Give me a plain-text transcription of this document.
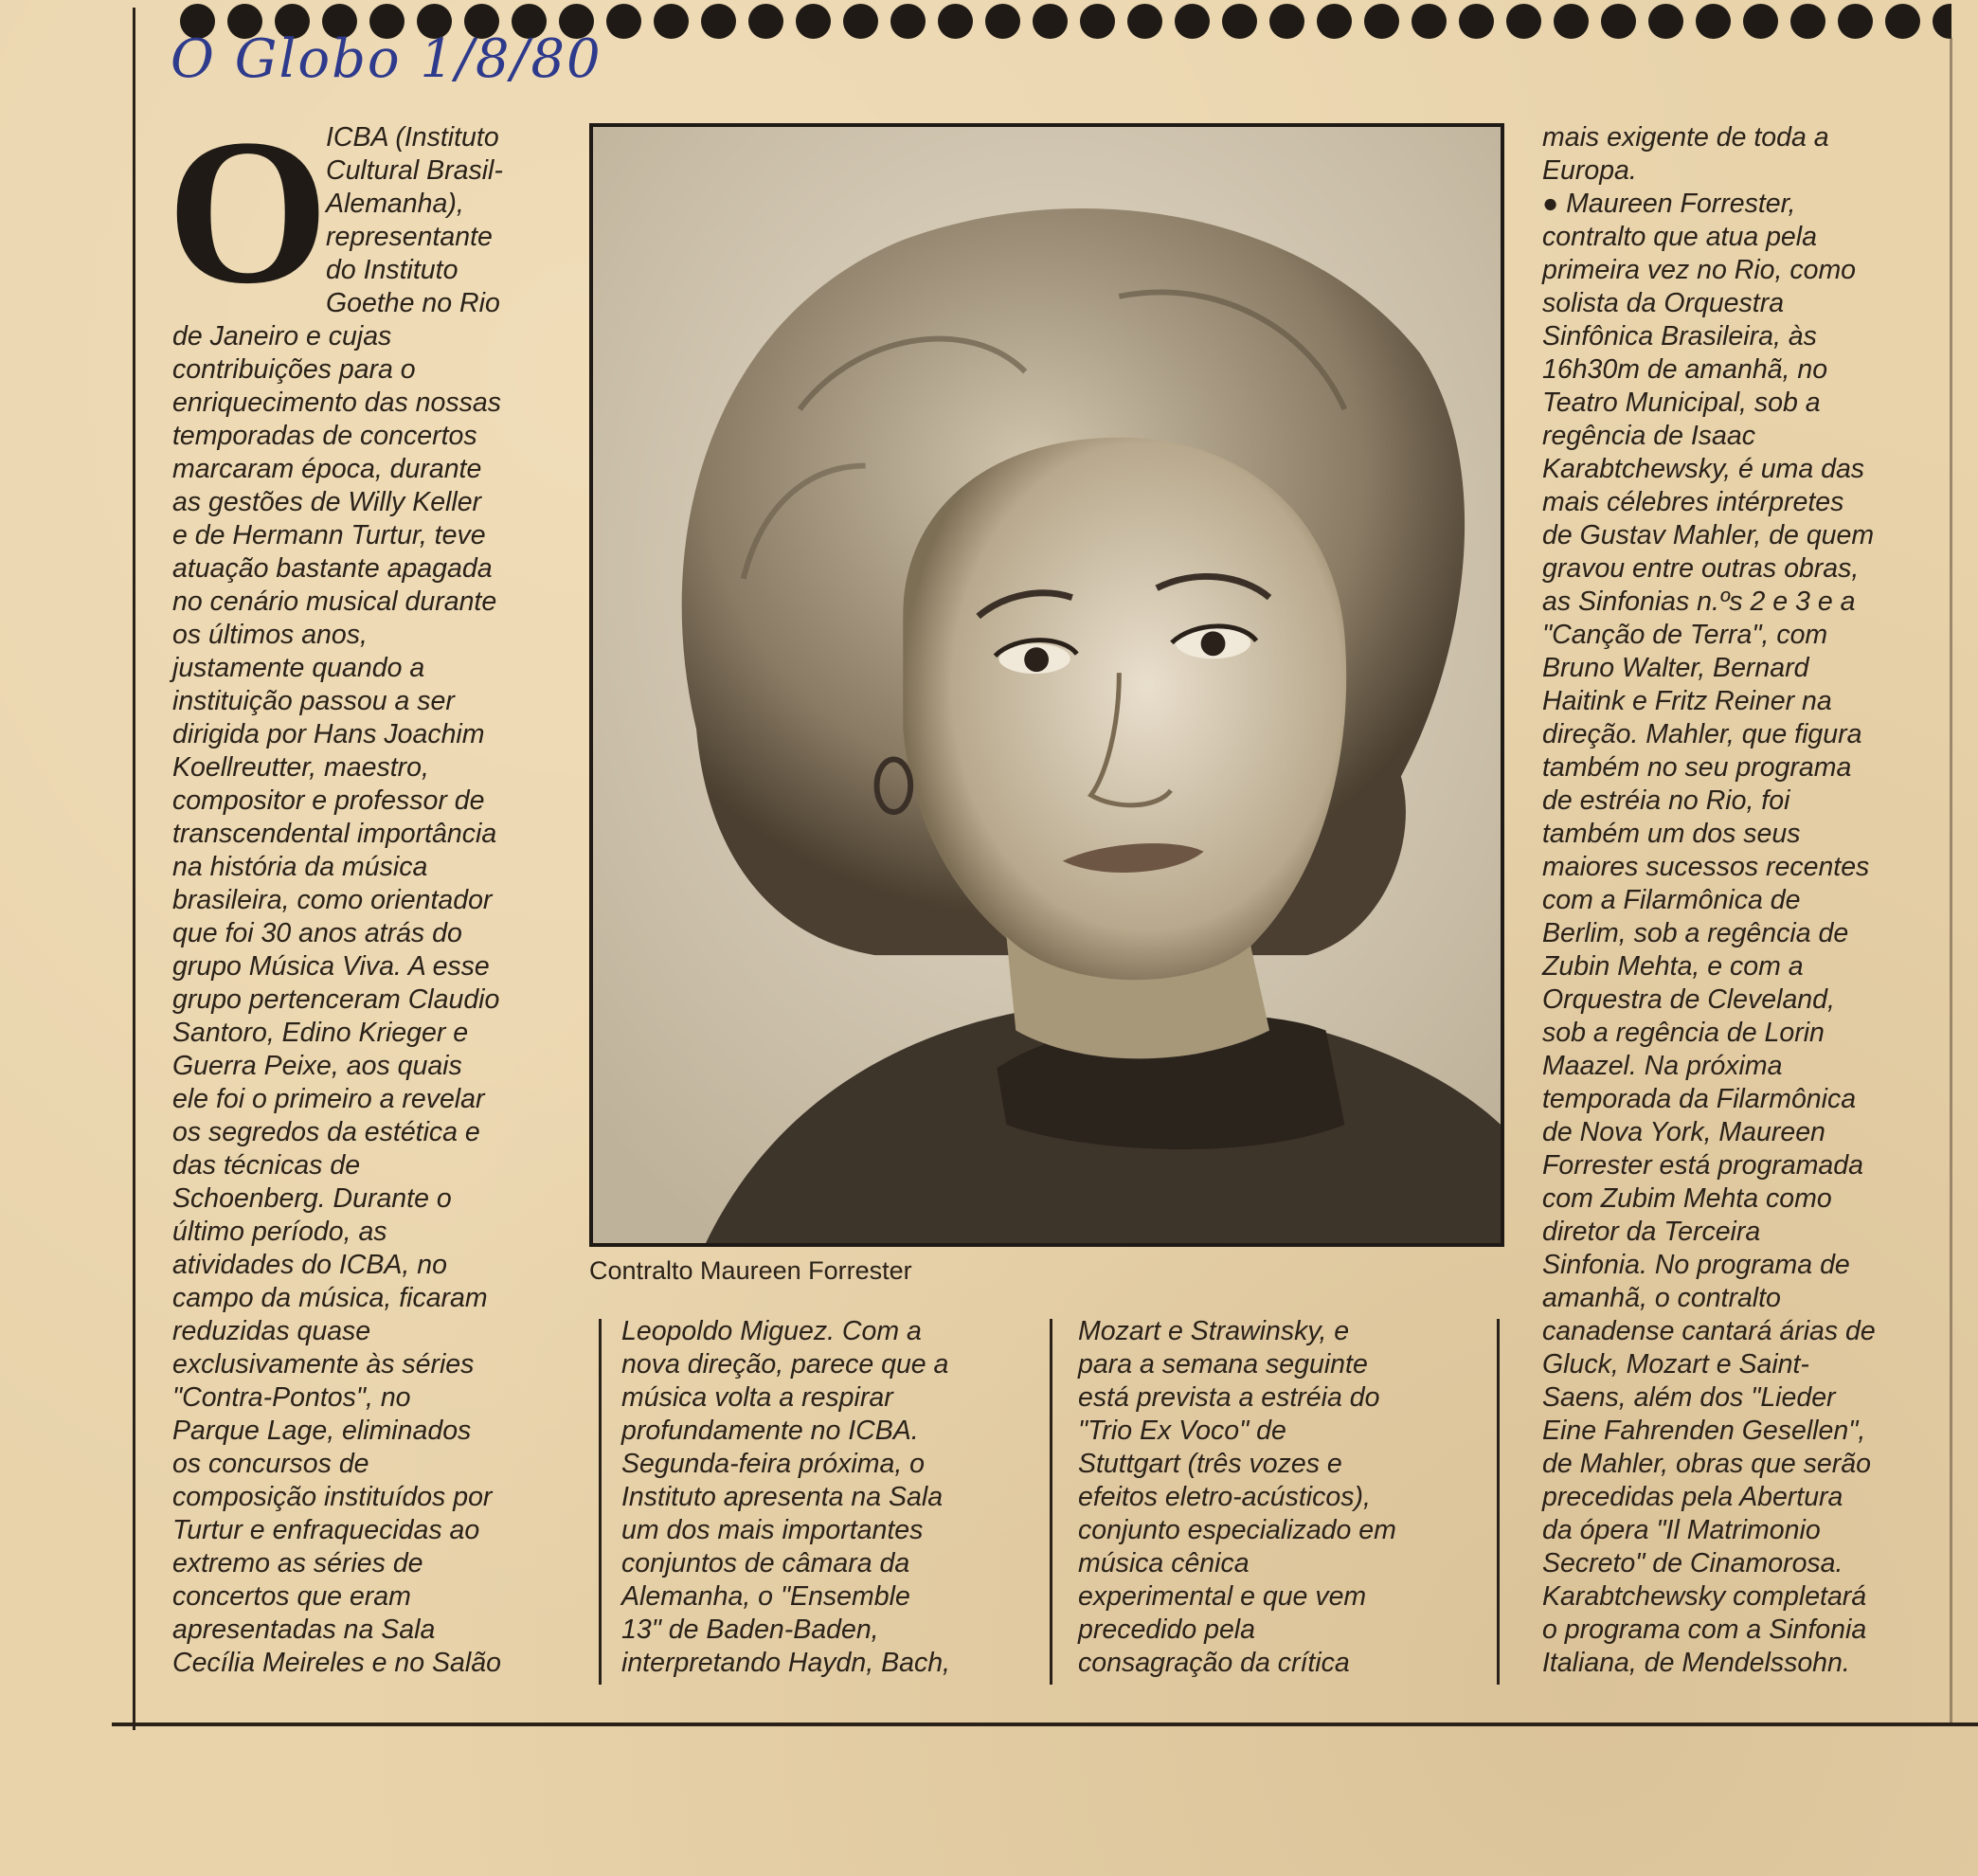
O Globo 1/8/80
O
ICBA (Instituto
Cultural Brasil-
Alemanha),
representante
do Instituto
Goethe no Rio
de Janeiro e cujas
contribuições para o
enriquecimento das nossas
temporadas de concertos
marcaram época, durante
as gestões de Willy Keller
e de Hermann Turtur, teve
atuação bastante apagada
no cenário musical durante
os últimos anos,
justamente quando a
instituição passou a ser
dirigida por Hans Joachim
Koellreutter, maestro,
compositor e professor de
transcendental importância
na história da música
brasileira, como orientador
que foi 30 anos atrás do
grupo Música Viva. A esse
grupo pertenceram Claudio
Santoro, Edino Krieger e
Guerra Peixe, aos quais
ele foi o primeiro a revelar
os segredos da estética e
das técnicas de
Schoenberg. Durante o
último período, as
atividades do ICBA, no
campo da música, ficaram
reduzidas quase
exclusivamente às séries
"Contra-Pontos", no
Parque Lage, eliminados
os concursos de
composição instituídos por
Turtur e enfraquecidas ao
extremo as séries de
concertos que eram
apresentadas na Sala
Cecília Meireles e no Salão
Contralto Maureen Forrester
Leopoldo Miguez. Com a
nova direção, parece que a
música volta a respirar
profundamente no ICBA.
Segunda-feira próxima, o
Instituto apresenta na Sala
um dos mais importantes
conjuntos de câmara da
Alemanha, o "Ensemble
13" de Baden-Baden,
interpretando Haydn, Bach,
Mozart e Strawinsky, e
para a semana seguinte
está prevista a estréia do
"Trio Ex Voco" de
Stuttgart (três vozes e
efeitos eletro-acústicos),
conjunto especializado em
música cênica
experimental e que vem
precedido pela
consagração da crítica
mais exigente de toda a
Europa.
● Maureen Forrester,
contralto que atua pela
primeira vez no Rio, como
solista da Orquestra
Sinfônica Brasileira, às
16h30m de amanhã, no
Teatro Municipal, sob a
regência de Isaac
Karabtchewsky, é uma das
mais célebres intérpretes
de Gustav Mahler, de quem
gravou entre outras obras,
as Sinfonias n.ºs 2 e 3 e a
"Canção de Terra", com
Bruno Walter, Bernard
Haitink e Fritz Reiner na
direção. Mahler, que figura
também no seu programa
de estréia no Rio, foi
também um dos seus
maiores sucessos recentes
com a Filarmônica de
Berlim, sob a regência de
Zubin Mehta, e com a
Orquestra de Cleveland,
sob a regência de Lorin
Maazel. Na próxima
temporada da Filarmônica
de Nova York, Maureen
Forrester está programada
com Zubim Mehta como
diretor da Terceira
Sinfonia. No programa de
amanhã, o contralto
canadense cantará árias de
Gluck, Mozart e Saint-
Saens, além dos "Lieder
Eine Fahrenden Gesellen",
de Mahler, obras que serão
precedidas pela Abertura
da ópera "Il Matrimonio
Secreto" de Cinamorosa.
Karabtchewsky completará
o programa com a Sinfonia
Italiana, de Mendelssohn.
